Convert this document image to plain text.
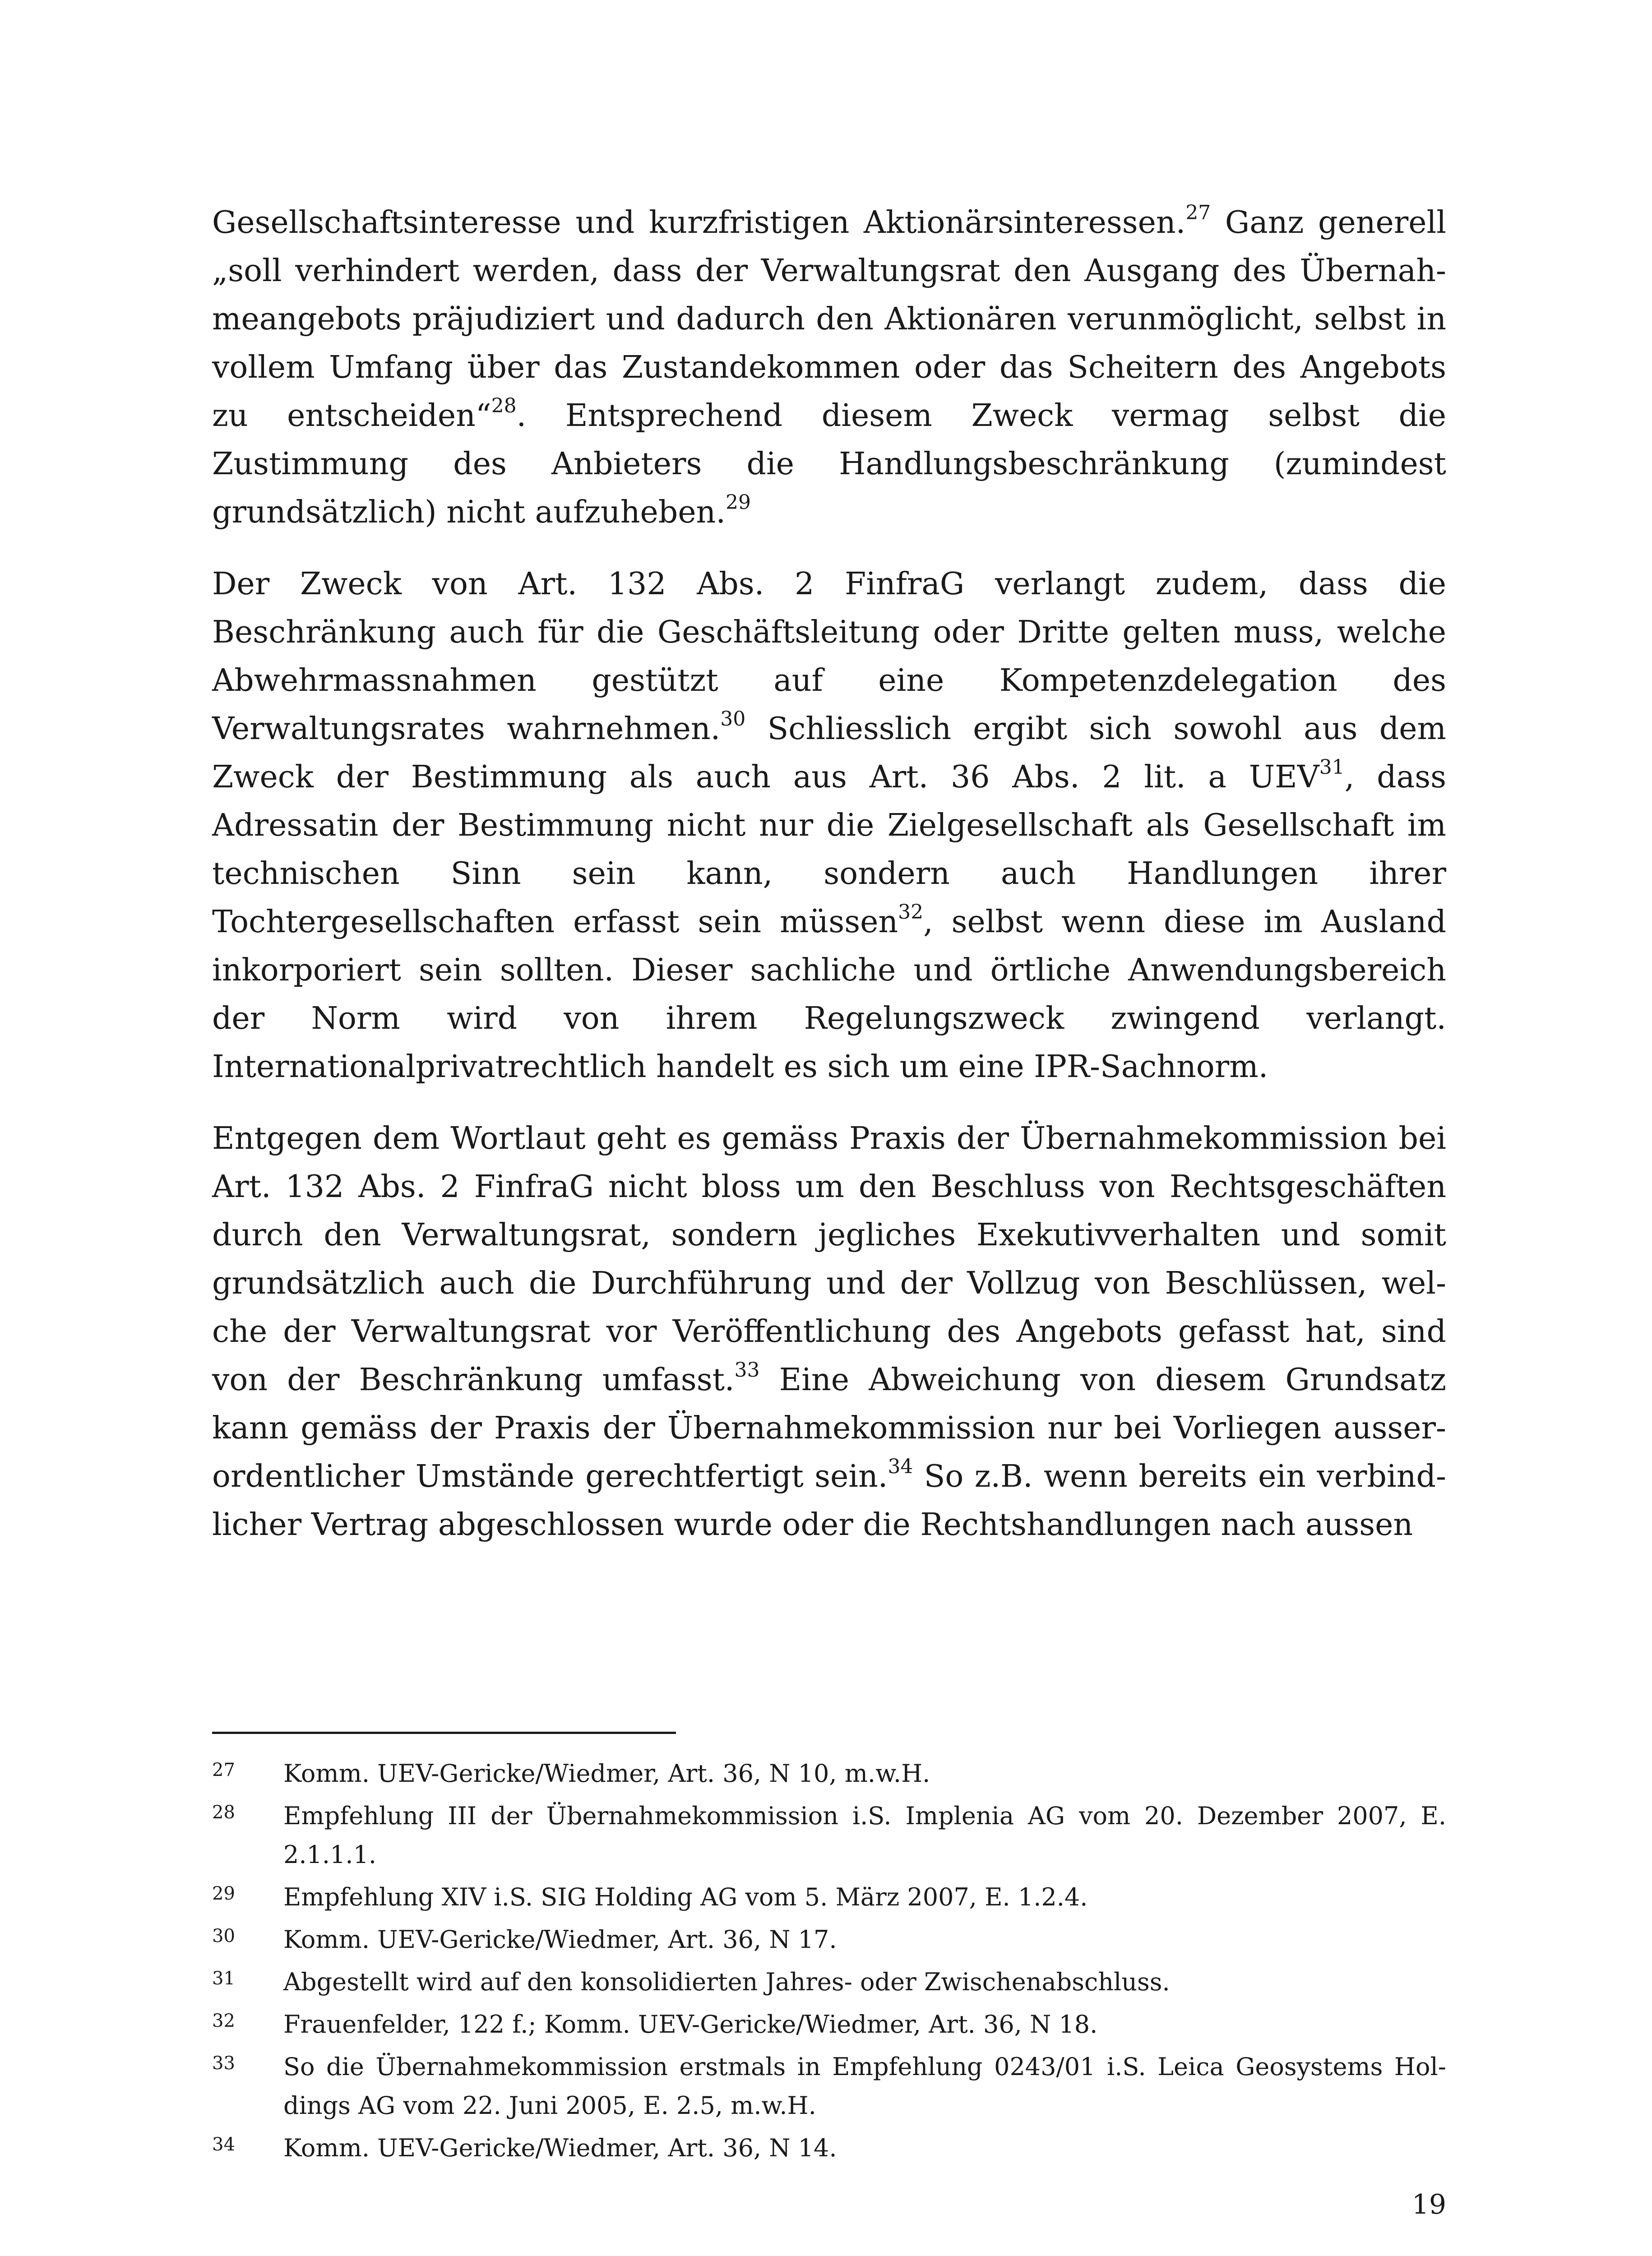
Gesellschaftsinteresse und kurzfristigen Aktionärsinteressen.$^{27}$ Ganz generell „soll verhindert werden, dass der Verwaltungsrat den Ausgang des Übernahmeangebots präjudiziert und dadurch den Aktionären verunmöglicht, selbst in vollem Umfang über das Zustandekommen oder das Scheitern des Angebots zu entscheiden“$^{28}$. Entsprechend diesem Zweck vermag selbst die Zustimmung des Anbieters die Handlungsbeschränkung (zumindest grundsätzlich) nicht aufzuheben.$^{29}$

Der Zweck von Art. 132 Abs. 2 FinfraG verlangt zudem, dass die Beschränkung auch für die Geschäftsleitung oder Dritte gelten muss, welche Abwehrmassnahmen gestützt auf eine Kompetenzdelegation des Verwaltungsrates wahrnehmen.$^{30}$ Schliesslich ergibt sich sowohl aus dem Zweck der Bestimmung als auch aus Art. 36 Abs. 2 lit. a UEV$^{31}$, dass Adressatin der Bestimmung nicht nur die Zielgesellschaft als Gesellschaft im technischen Sinn sein kann, sondern auch Handlungen ihrer Tochtergesellschaften erfasst sein müssen$^{32}$, selbst wenn diese im Ausland inkorporiert sein sollten. Dieser sachliche und örtliche Anwendungsbereich der Norm wird von ihrem Regelungszweck zwingend verlangt. Internationalprivatrechtlich handelt es sich um eine IPR-Sachnorm.

Entgegen dem Wortlaut geht es gemäss Praxis der Übernahmekommission bei Art. 132 Abs. 2 FinfraG nicht bloss um den Beschluss von Rechtsgeschäften durch den Verwaltungsrat, sondern jegliches Exekutivverhalten und somit grundsätzlich auch die Durchführung und der Vollzug von Beschlüssen, welche der Verwaltungsrat vor Veröffentlichung des Angebots gefasst hat, sind von der Beschränkung umfasst.$^{33}$ Eine Abweichung von diesem Grundsatz kann gemäss der Praxis der Übernahmekommission nur bei Vorliegen ausserordentlicher Umstände gerechtfertigt sein.$^{34}$ So z.B. wenn bereits ein verbindlicher Vertrag abgeschlossen wurde oder die Rechtshandlungen nach aussen

27	Komm. UEV-Gericke/Wiedmer, Art. 36, N 10, m.w.H.
28	Empfehlung III der Übernahmekommission i.S. Implenia AG vom 20. Dezember 2007, E. 2.1.1.1.
29	Empfehlung XIV i.S. SIG Holding AG vom 5. März 2007, E. 1.2.4.
30	Komm. UEV-Gericke/Wiedmer, Art. 36, N 17.
31	Abgestellt wird auf den konsolidierten Jahres- oder Zwischenabschluss.
32	Frauenfelder, 122 f.; Komm. UEV-Gericke/Wiedmer, Art. 36, N 18.
33	So die Übernahmekommission erstmals in Empfehlung 0243/01 i.S. Leica Geosystems Holdings AG vom 22. Juni 2005, E. 2.5, m.w.H.
34	Komm. UEV-Gericke/Wiedmer, Art. 36, N 14.
19
